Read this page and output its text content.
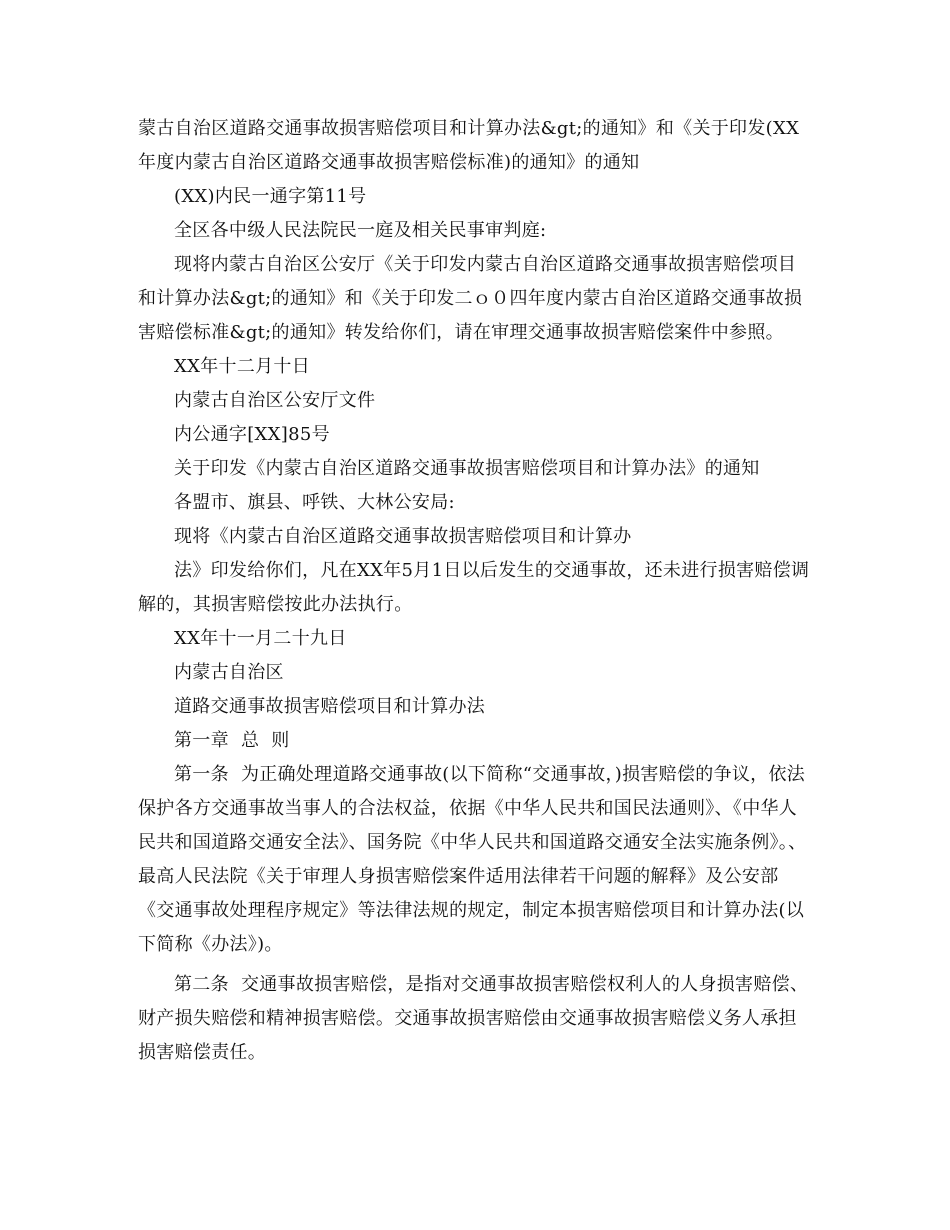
蒙古自治区道路交通事故损害赔偿项目和计算办法&gt;的通知》和《关于印发(XX年度内蒙古自治区道路交通事故损害赔偿标准)的通知》的通知

(XX)内民一通字第11号

全区各中级人民法院民一庭及相关民事审判庭:

现将内蒙古自治区公安厅《关于印发内蒙古自治区道路交通事故损害赔偿项目和计算办法&gt;的通知》和《关于印发二ｏ０四年度内蒙古自治区道路交通事故损害赔偿标准&gt;的通知》转发给你们，请在审理交通事故损害赔偿案件中参照。

XX年十二月十日

内蒙古自治区公安厅文件

内公通字[XX]85号

关于印发《内蒙古自治区道路交通事故损害赔偿项目和计算办法》的通知

各盟市、旗县、呼铁、大林公安局:

现将《内蒙古自治区道路交通事故损害赔偿项目和计算办

法》印发给你们，凡在XX年5月1日以后发生的交通事故，还未进行损害赔偿调解的，其损害赔偿按此办法执行。

XX年十一月二十九日

内蒙古自治区

道路交通事故损害赔偿项目和计算办法

第一章  总  则

第一条  为正确处理道路交通事故(以下简称“交通事故，)损害赔偿的争议，依法保护各方交通事故当事人的合法权益，依据《中华人民共和国民法通则》、《中华人民共和国道路交通安全法》、国务院《中华人民共和国道路交通安全法实施条例》。、最高人民法院《关于审理人身损害赔偿案件适用法律若干问题的解释》及公安部《交通事故处理程序规定》等法律法规的规定，制定本损害赔偿项目和计算办法(以下简称《办法》)。

第二条  交通事故损害赔偿，是指对交通事故损害赔偿权利人的人身损害赔偿、财产损失赔偿和精神损害赔偿。交通事故损害赔偿由交通事故损害赔偿义务人承担损害赔偿责任。
